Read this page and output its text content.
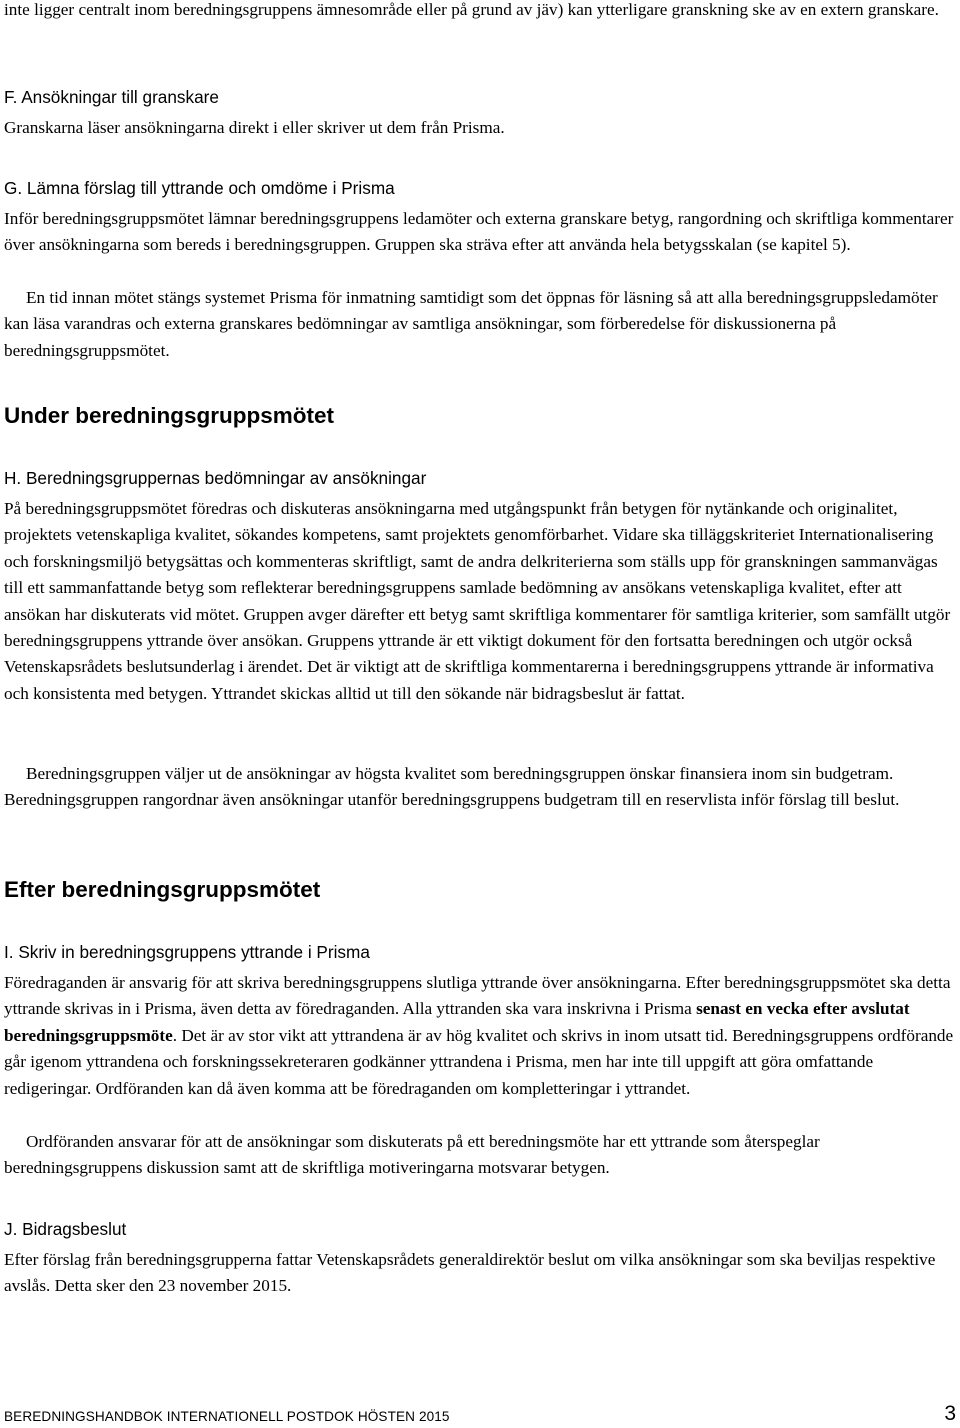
inte ligger centralt inom beredningsgruppens ämnesområde eller på grund av jäv) kan ytterligare granskning ske av en extern granskare.

F. Ansökningar till granskare

Granskarna läser ansökningarna direkt i eller skriver ut dem från Prisma.

G. Lämna förslag till yttrande och omdöme i Prisma

Inför beredningsgruppsmötet lämnar beredningsgruppens ledamöter och externa granskare betyg, rangordning och skriftliga kommentarer över ansökningarna som bereds i beredningsgruppen. Gruppen ska sträva efter att använda hela betygsskalan (se kapitel 5).

En tid innan mötet stängs systemet Prisma för inmatning samtidigt som det öppnas för läsning så att alla beredningsgruppsledamöter kan läsa varandras och externa granskares bedömningar av samtliga ansökningar, som förberedelse för diskussionerna på beredningsgruppsmötet.

Under beredningsgruppsmötet

H. Beredningsgruppernas bedömningar av ansökningar

På beredningsgruppsmötet föredras och diskuteras ansökningarna med utgångspunkt från betygen för nytänkande och originalitet, projektets vetenskapliga kvalitet, sökandes kompetens, samt projektets genomförbarhet. Vidare ska tilläggskriteriet Internationalisering och forskningsmiljö betygsättas och kommenteras skriftligt, samt de andra delkriterierna som ställs upp för granskningen sammanvägas till ett sammanfattande betyg som reflekterar beredningsgruppens samlade bedömning av ansökans vetenskapliga kvalitet, efter att ansökan har diskuterats vid mötet. Gruppen avger därefter ett betyg samt skriftliga kommentarer för samtliga kriterier, som samfällt utgör beredningsgruppens yttrande över ansökan. Gruppens yttrande är ett viktigt dokument för den fortsatta beredningen och utgör också Vetenskapsrådets beslutsunderlag i ärendet. Det är viktigt att de skriftliga kommentarerna i beredningsgruppens yttrande är informativa och konsistenta med betygen. Yttrandet skickas alltid ut till den sökande när bidragsbeslut är fattat.

Beredningsgruppen väljer ut de ansökningar av högsta kvalitet som beredningsgruppen önskar finansiera inom sin budgetram. Beredningsgruppen rangordnar även ansökningar utanför beredningsgruppens budgetram till en reservlista inför förslag till beslut.

Efter beredningsgruppsmötet

I. Skriv in beredningsgruppens yttrande i Prisma

Föredraganden är ansvarig för att skriva beredningsgruppens slutliga yttrande över ansökningarna. Efter beredningsgruppsmötet ska detta yttrande skrivas in i Prisma, även detta av föredraganden. Alla yttranden ska vara inskrivna i Prisma senast en vecka efter avslutat beredningsgruppsmöte. Det är av stor vikt att yttrandena är av hög kvalitet och skrivs in inom utsatt tid. Beredningsgruppens ordförande går igenom yttrandena och forskningssekreteraren godkänner yttrandena i Prisma, men har inte till uppgift att göra omfattande redigeringar. Ordföranden kan då även komma att be föredraganden om kompletteringar i yttrandet.

Ordföranden ansvarar för att de ansökningar som diskuterats på ett beredningsmöte har ett yttrande som återspeglar beredningsgruppens diskussion samt att de skriftliga motiveringarna motsvarar betygen.

J. Bidragsbeslut

Efter förslag från beredningsgrupperna fattar Vetenskapsrådets generaldirektör beslut om vilka ansökningar som ska beviljas respektive avslås. Detta sker den 23 november 2015.

BEREDNINGSHANDBOK INTERNATIONELL POSTDOK HÖSTEN 2015	3
